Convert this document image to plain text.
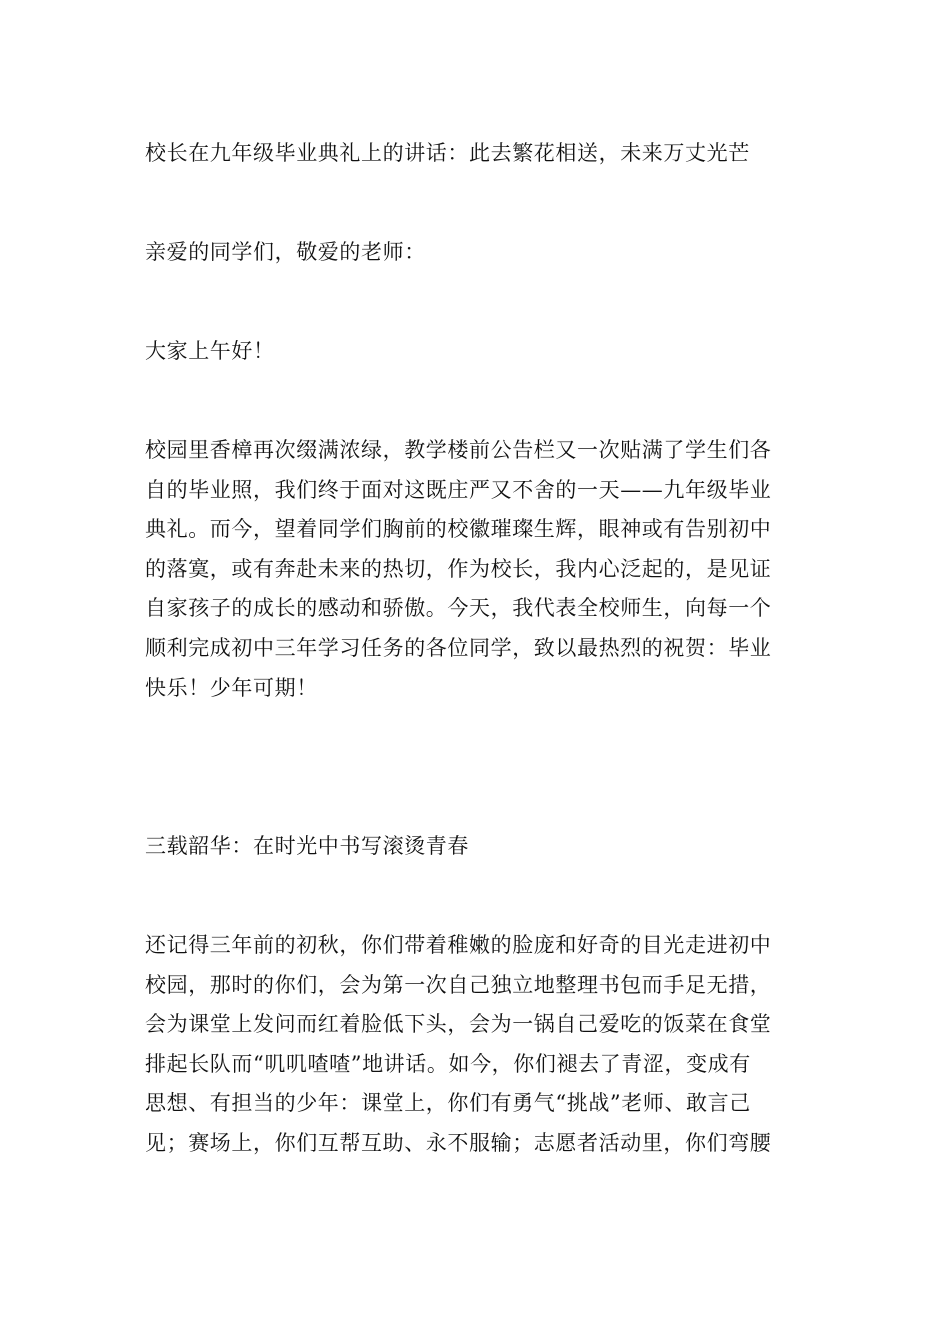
校长在九年级毕业典礼上的讲话：此去繁花相送，未来万丈光芒

亲爱的同学们，敬爱的老师：

大家上午好！

校园里香樟再次缀满浓绿，教学楼前公告栏又一次贴满了学生们各
自的毕业照，我们终于面对这既庄严又不舍的一天——九年级毕业
典礼。而今，望着同学们胸前的校徽璀璨生辉，眼神或有告别初中
的落寞，或有奔赴未来的热切，作为校长，我内心泛起的，是见证
自家孩子的成长的感动和骄傲。今天，我代表全校师生，向每一个
顺利完成初中三年学习任务的各位同学，致以最热烈的祝贺：毕业
快乐！少年可期！

三载韶华：在时光中书写滚烫青春

还记得三年前的初秋，你们带着稚嫩的脸庞和好奇的目光走进初中
校园，那时的你们，会为第一次自己独立地整理书包而手足无措，
会为课堂上发问而红着脸低下头，会为一锅自己爱吃的饭菜在食堂
排起长队而“叽叽喳喳”地讲话。如今，你们褪去了青涩，变成有
思想、有担当的少年：课堂上，你们有勇气“挑战”老师、敢言己
见；赛场上，你们互帮互助、永不服输；志愿者活动里，你们弯腰
